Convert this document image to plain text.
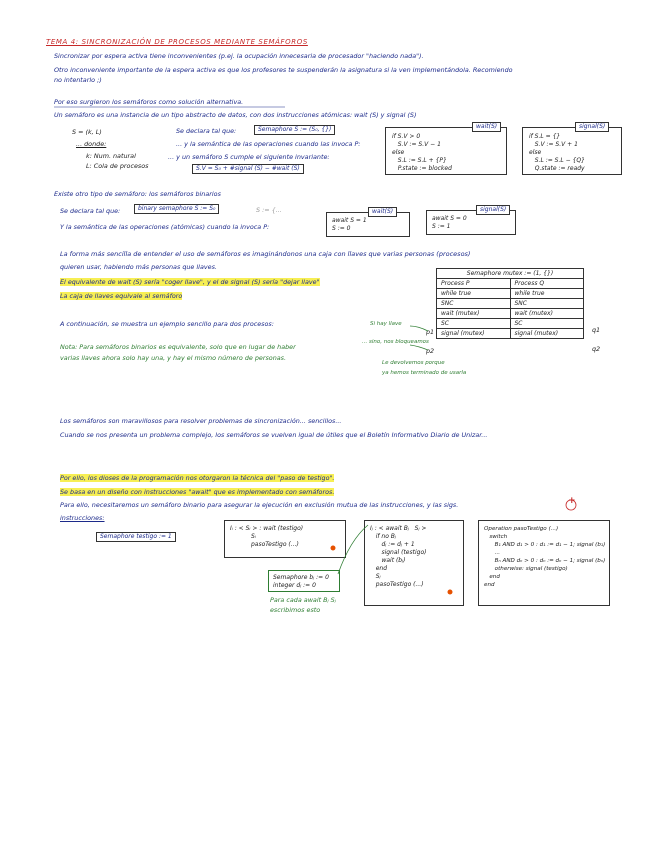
TEMA 4: SINCRONIZACIÓN DE PROCESOS MEDIANTE SEMÁFOROS
Sincronizar por espera activa tiene inconvenientes (p.ej. la ocupación innecesaria de procesador "haciendo nada").
Otro inconveniente importante de la espera activa es que los profesores te suspenderán la asignatura si la ven implementándola. Recomiendo
no intentarlo ;)
Por eso surgieron los semáforos como solución alternativa.
Un semáforo es una instancia de un tipo abstracto de datos, con dos instrucciones atómicas: wait (S) y signal (S)
S = (k, L)
... donde:
k: Num. natural
L: Cola de procesos
Se declara tal que:	Semaphore S := (S₀, {})
... y la semántica de las operaciones cuando las invoca P:
... y un semáforo S cumple el siguiente invariante:
S.V = S₀ + #signal (S) − #wait (S)
if S.V > 0
S.V := S.V − 1
else
S.L := S.L + {P}
P.state := blocked
wait(S)
if S.L = {}
S.V := S.V + 1
else
S.L := S.L − {Q}
Q.state := ready
signal(S)
Existe otro tipo de semáforo: los semáforos binarios
Se declara tal que:	binary semaphore S := S₀	S := {...
Y la semántica de las operaciones (atómicas) cuando la invoca P:
await S = 1
S := 0
wait(S)
await S = 0
S := 1
signal(S)
La forma más sencilla de entender el uso de semáforos es imaginándonos una caja con llaves que varias personas (procesos)
quieren usar, habiendo más personas que llaves.
El equivalente de wait (S) sería "coger llave", y el de signal (S) sería "dejar llave"
La caja de llaves equivale al semáforo
A continuación, se muestra un ejemplo sencillo para dos procesos:
Nota: Para semáforos binarios es equivalente, solo que en lugar de haber
varias llaves ahora solo hay una, y hay el mismo número de personas.
Si hay llave
... sino, nos bloqueamos
p1
p2
q1
q2
Le devolvemos porque
ya hemos terminado de usarla
Semaphore mutex := (1, {})	
Process P	Process Q
while true	while true
SNC	SNC
wait (mutex)	wait (mutex)
SC	SC
signal (mutex)	signal (mutex)
Los semáforos son maravillosos para resolver problemas de sincronización... sencillos...
Cuando se nos presenta un problema complejo, los semáforos se vuelven igual de útiles que el Boletín Informativo Diario de Unizar...
Por ello, los dioses de la programación nos otorgaron la técnica del "paso de testigo".
Se basa en un diseño con instrucciones "await" que es implementado con semáforos.
Para ello, necesitaremos un semáforo binario para asegurar la ejecución en exclusión mutua de las instrucciones, y las sigs.
instrucciones:
+
Semaphore testigo := 1
Iᵢ : < Sᵢ > : wait (testigo)
Sᵢ
pasoTestigo (...)
Semaphore bⱼ := 0
integer dⱼ := 0
Para cada await Bⱼ Sⱼ
escribimos esto
Iⱼ : < await Bⱼ   Sⱼ >
if no Bⱼ
dⱼ := dⱼ + 1
signal (testigo)
wait (bⱼ)
end
Sⱼ
pasoTestigo (...)
Operation pasoTestigo (...)
switch
B₁ AND d₁ > 0 : d₁ := d₁ − 1; signal (b₁)
...
Bₙ AND dₙ > 0 : dₙ := dₙ − 1; signal (bₙ)
otherwise: signal (testigo)
end
end
